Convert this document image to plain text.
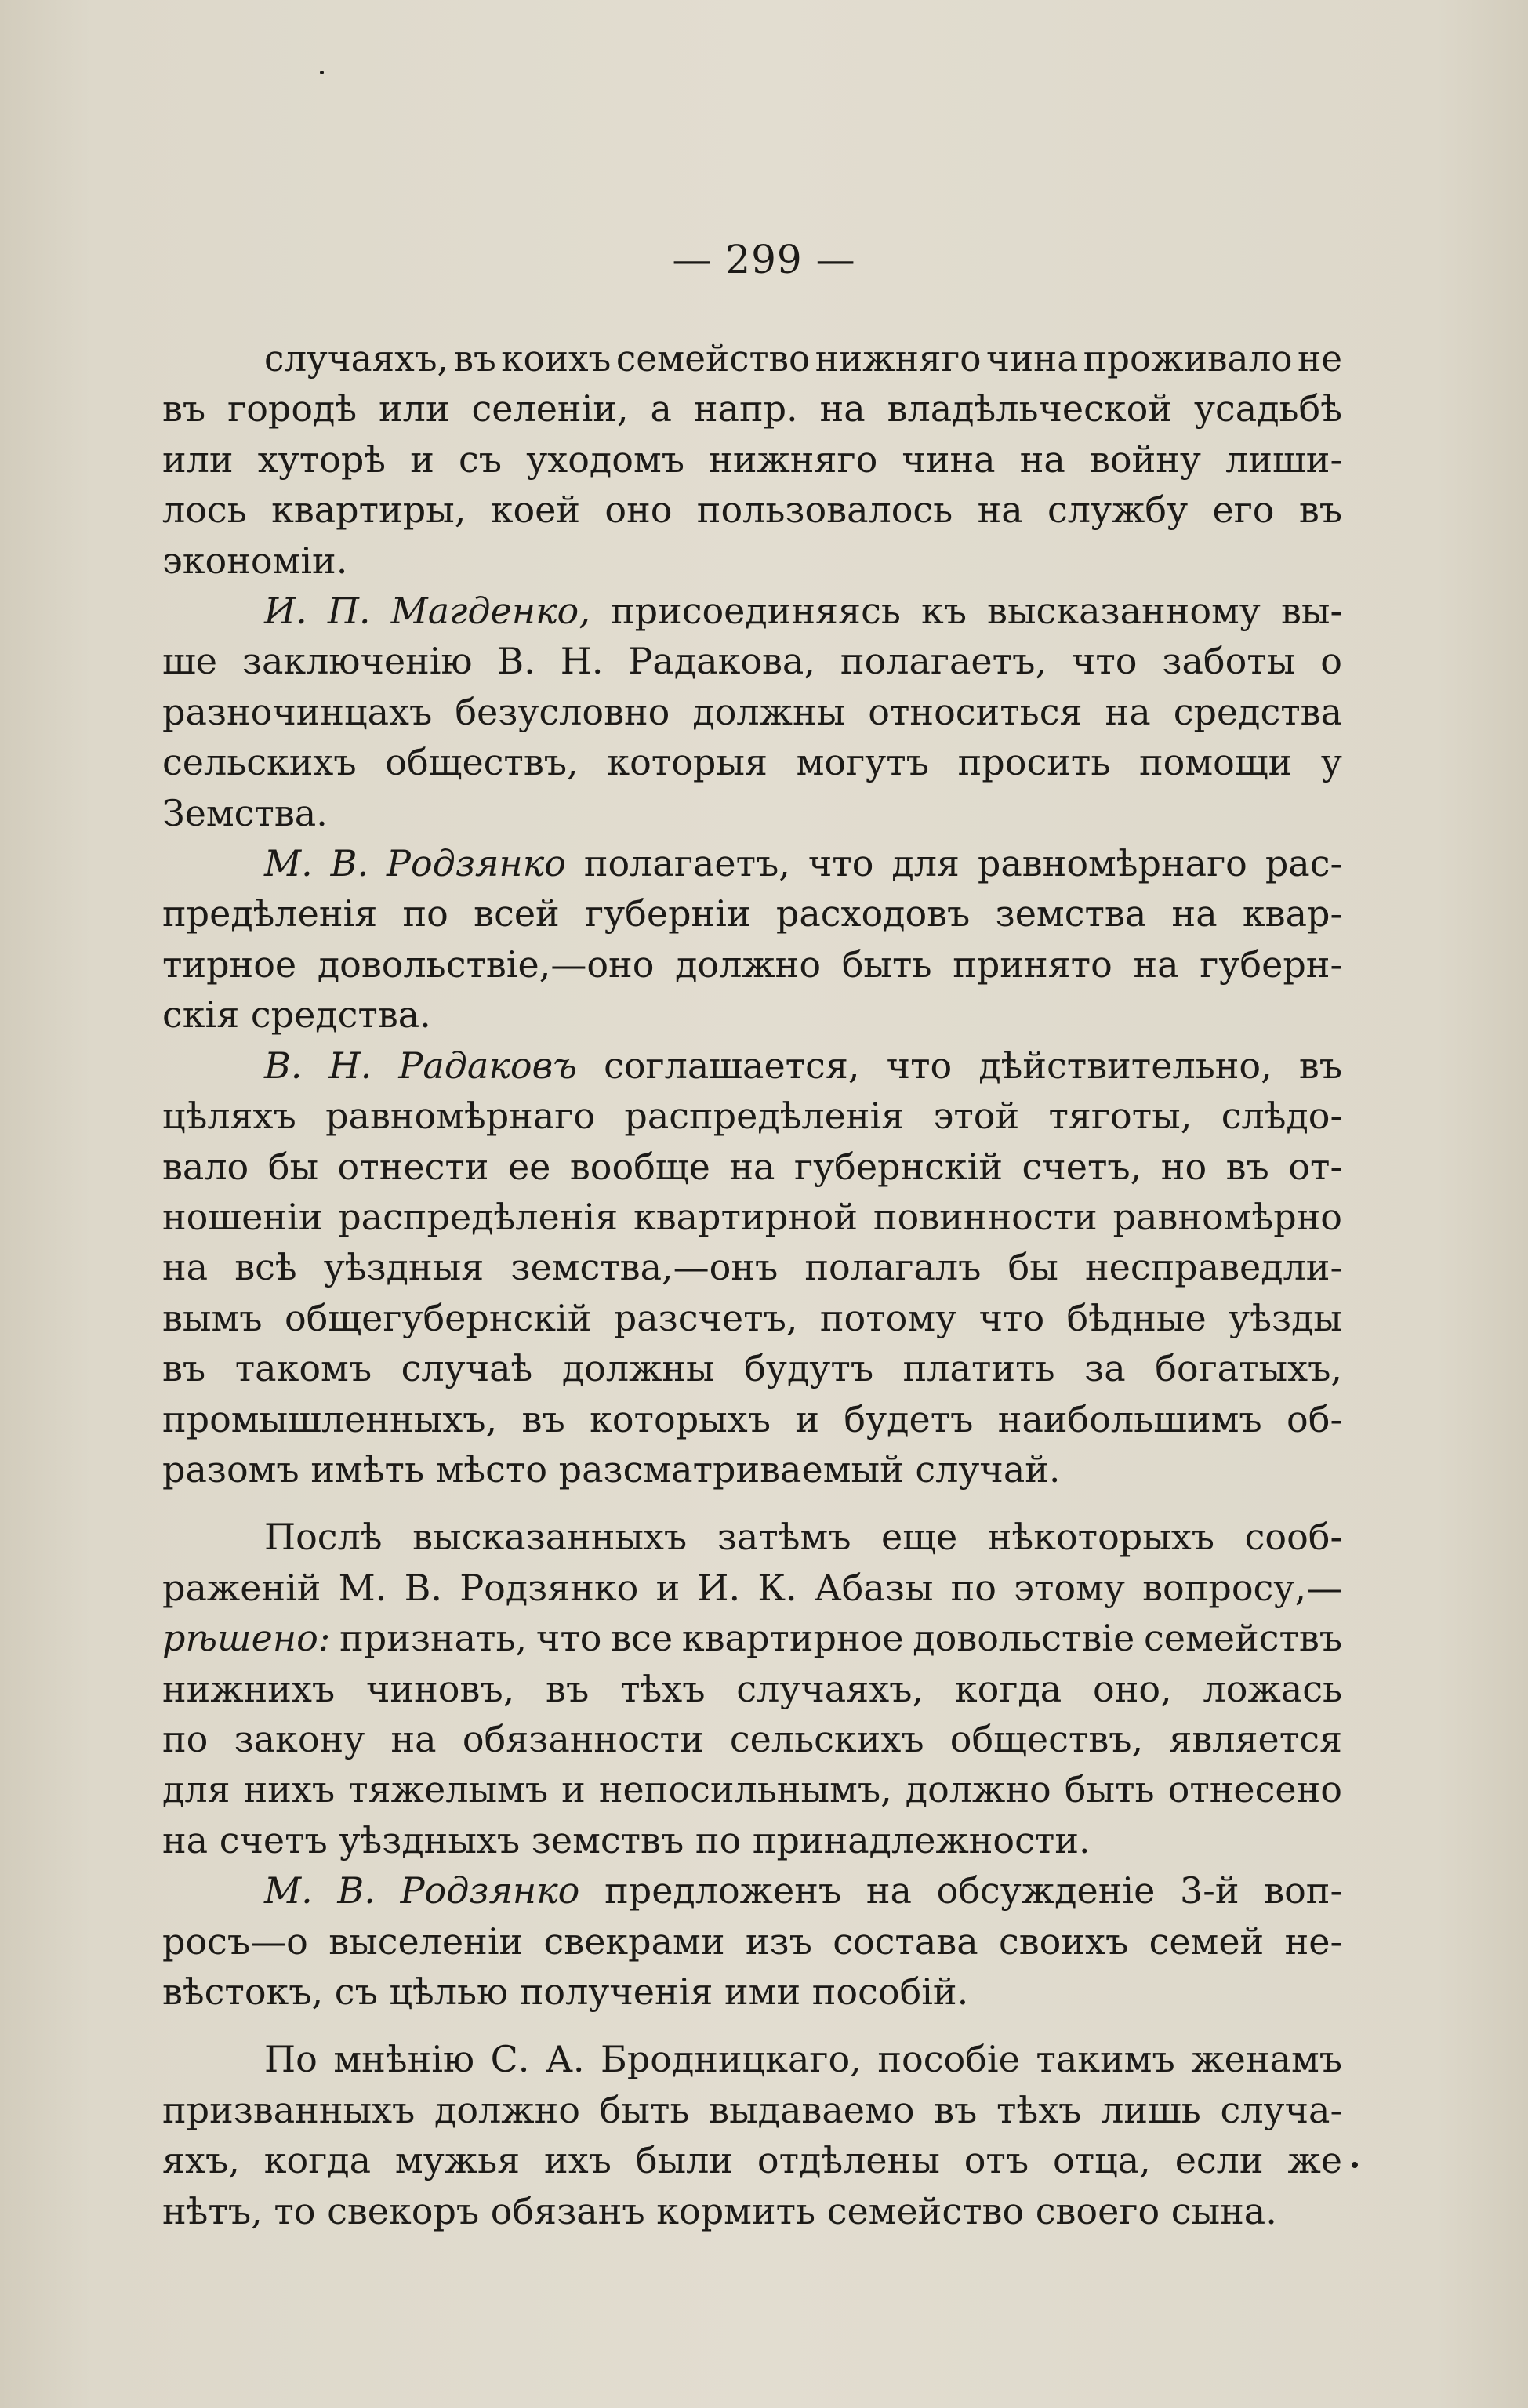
— 299 —
случаяхъ, въ коихъ семейство нижняго чина проживало не
въ городѣ или селеніи, а напр. на владѣльческой усадьбѣ
или хуторѣ и съ уходомъ нижняго чина на войну лиши-
лось квартиры, коей оно пользовалось на службу его въ
экономіи.
И. П. Магденко, присоединяясь къ высказанному вы-
ше заключенію В. Н. Радакова, полагаетъ, что заботы о
разночинцахъ безусловно должны относиться на средства
сельскихъ обществъ, которыя могутъ просить помощи у
Земства.
М. В. Родзянко полагаетъ, что для равномѣрнаго рас-
предѣленія по всей губерніи расходовъ земства на квар-
тирное довольствіе,—оно должно быть принято на губерн-
скія средства.
В. Н. Радаковъ соглашается, что дѣйствительно, въ
цѣляхъ равномѣрнаго распредѣленія этой тяготы, слѣдо-
вало бы отнести ее вообще на губернскій счетъ, но въ от-
ношеніи распредѣленія квартирной повинности равномѣрно
на всѣ уѣздныя земства,—онъ полагалъ бы несправедли-
вымъ общегубернскій разсчетъ, потому что бѣдные уѣзды
въ такомъ случаѣ должны будутъ платить за богатыхъ,
промышленныхъ, въ которыхъ и будетъ наибольшимъ об-
разомъ имѣть мѣсто разсматриваемый случай.
Послѣ высказанныхъ затѣмъ еще нѣкоторыхъ сооб-
раженій М. В. Родзянко и И. К. Абазы по этому вопросу,—
рѣшено: признать, что все квартирное довольствіе семействъ
нижнихъ чиновъ, въ тѣхъ случаяхъ, когда оно, ложась
по закону на обязанности сельскихъ обществъ, является
для нихъ тяжелымъ и непосильнымъ, должно быть отнесено
на счетъ уѣздныхъ земствъ по принадлежности.
М. В. Родзянко предложенъ на обсужденіе 3-й воп-
росъ—о выселеніи свекрами изъ состава своихъ семей не-
вѣстокъ, съ цѣлью полученія ими пособій.
По мнѣнію С. А. Бродницкаго, пособіе такимъ женамъ
призванныхъ должно быть выдаваемо въ тѣхъ лишь случа-
яхъ, когда мужья ихъ были отдѣлены отъ отца, если же
нѣтъ, то свекоръ обязанъ кормить семейство своего сына.
